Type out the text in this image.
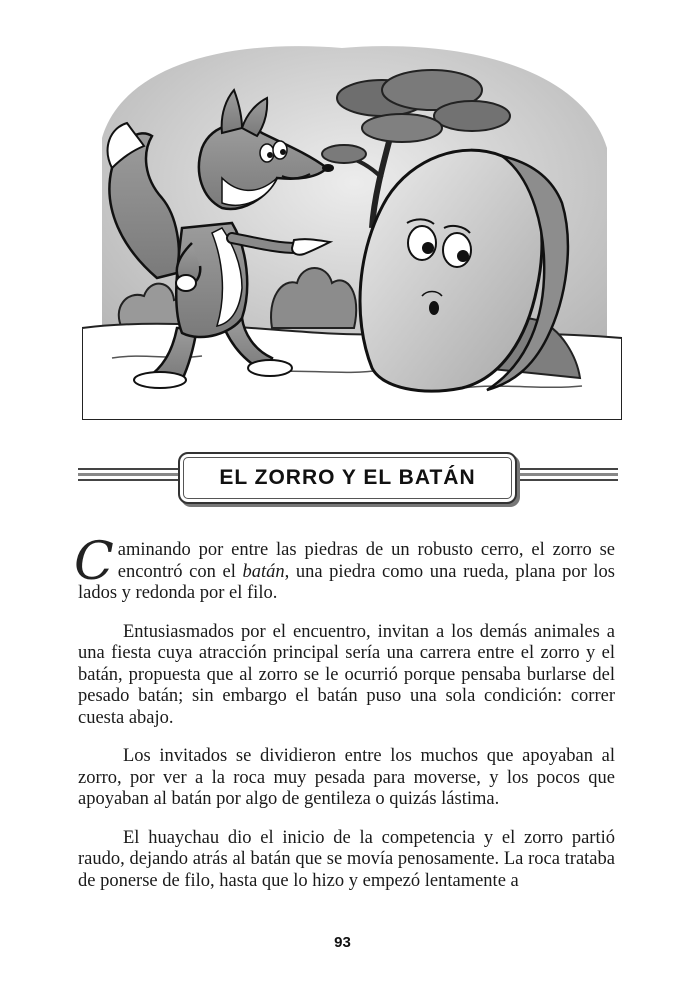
EL ZORRO Y EL BATÁN

Caminando por entre las piedras de un robusto cerro, el zorro se encontró con el batán, una piedra como una rueda, plana por los lados y redonda por el filo.

Entusiasmados por el encuentro, invitan a los demás animales a una fiesta cuya atracción principal sería una carrera entre el zorro y el batán, propuesta que al zorro se le ocurrió porque pensaba burlarse del pesado batán; sin embargo el batán puso una sola condición: correr cuesta abajo.

Los invitados se dividieron entre los muchos que apoyaban al zorro, por ver a la roca muy pesada para moverse, y los pocos que apoyaban al batán por algo de gentileza o quizás lástima.

El huaychau dio el inicio de la competencia y el zorro partió raudo, dejando atrás al batán que se movía penosamente. La roca trataba de ponerse de filo, hasta que lo hizo y empezó lentamente a

93
